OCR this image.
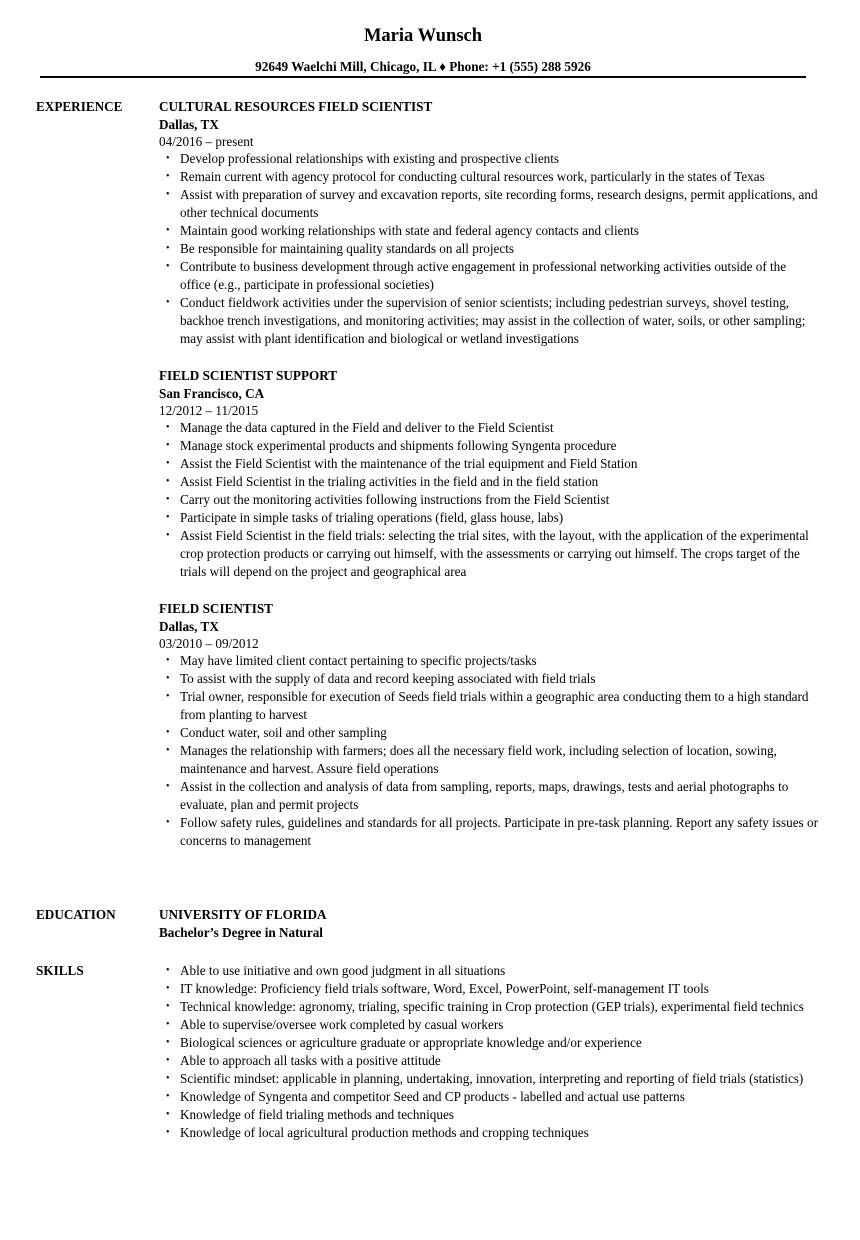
Maria Wunsch
92649 Waelchi Mill, Chicago, IL ♦ Phone: +1 (555) 288 5926
EXPERIENCE	CULTURAL RESOURCES FIELD SCIENTIST
Dallas, TX
04/2016 – present
• Develop professional relationships with existing and prospective clients
• Remain current with agency protocol for conducting cultural resources work, particularly in the states of Texas
• Assist with preparation of survey and excavation reports, site recording forms, research designs, permit applications, and other technical documents
• Maintain good working relationships with state and federal agency contacts and clients
• Be responsible for maintaining quality standards on all projects
• Contribute to business development through active engagement in professional networking activities outside of the office (e.g., participate in professional societies)
• Conduct fieldwork activities under the supervision of senior scientists; including pedestrian surveys, shovel testing, backhoe trench investigations, and monitoring activities; may assist in the collection of water, soils, or other sampling; may assist with plant identification and biological or wetland investigations
FIELD SCIENTIST SUPPORT
San Francisco, CA
12/2012 – 11/2015
• Manage the data captured in the Field and deliver to the Field Scientist
• Manage stock experimental products and shipments following Syngenta procedure
• Assist the Field Scientist with the maintenance of the trial equipment and Field Station
• Assist Field Scientist in the trialing activities in the field and in the field station
• Carry out the monitoring activities following instructions from the Field Scientist
• Participate in simple tasks of trialing operations (field, glass house, labs)
• Assist Field Scientist in the field trials: selecting the trial sites, with the layout, with the application of the experimental crop protection products or carrying out himself, with the assessments or carrying out himself. The crops target of the trials will depend on the project and geographical area
FIELD SCIENTIST
Dallas, TX
03/2010 – 09/2012
• May have limited client contact pertaining to specific projects/tasks
• To assist with the supply of data and record keeping associated with field trials
• Trial owner, responsible for execution of Seeds field trials within a geographic area conducting them to a high standard from planting to harvest
• Conduct water, soil and other sampling
• Manages the relationship with farmers; does all the necessary field work, including selection of location, sowing, maintenance and harvest. Assure field operations
• Assist in the collection and analysis of data from sampling, reports, maps, drawings, tests and aerial photographs to evaluate, plan and permit projects
• Follow safety rules, guidelines and standards for all projects. Participate in pre-task planning. Report any safety issues or concerns to management
EDUCATION	UNIVERSITY OF FLORIDA
Bachelor’s Degree in Natural
SKILLS	• Able to use initiative and own good judgment in all situations
• IT knowledge: Proficiency field trials software, Word, Excel, PowerPoint, self-management IT tools
• Technical knowledge: agronomy, trialing, specific training in Crop protection (GEP trials), experimental field technics
• Able to supervise/oversee work completed by casual workers
• Biological sciences or agriculture graduate or appropriate knowledge and/or experience
• Able to approach all tasks with a positive attitude
• Scientific mindset: applicable in planning, undertaking, innovation, interpreting and reporting of field trials (statistics)
• Knowledge of Syngenta and competitor Seed and CP products - labelled and actual use patterns
• Knowledge of field trialing methods and techniques
• Knowledge of local agricultural production methods and cropping techniques
